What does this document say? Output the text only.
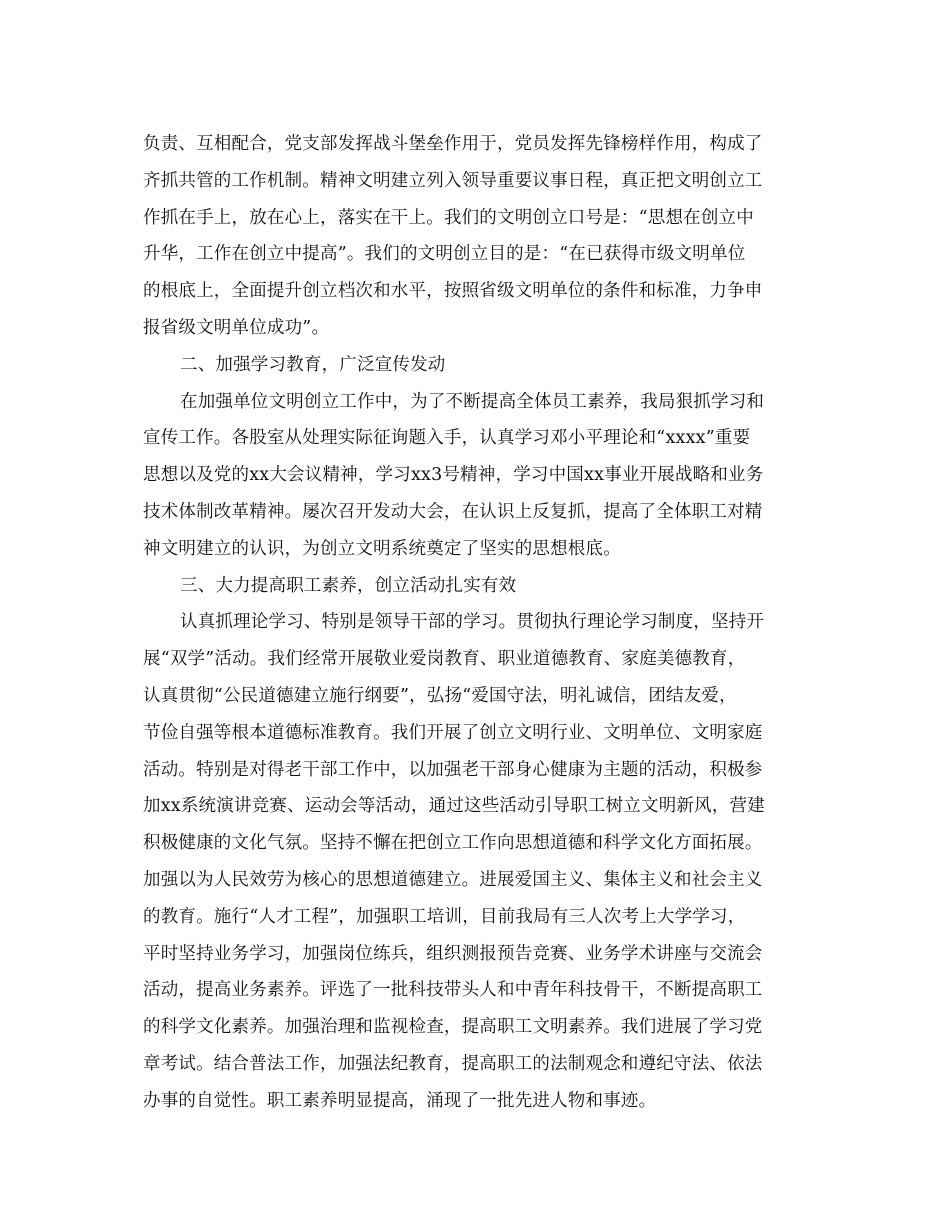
负责、互相配合，党支部发挥战斗堡垒作用于，党员发挥先锋榜样作用，构成了
齐抓共管的工作机制。精神文明建立列入领导重要议事日程，真正把文明创立工
作抓在手上，放在心上，落实在干上。我们的文明创立口号是：“思想在创立中
升华，工作在创立中提高”。我们的文明创立目的是：“在已获得市级文明单位
的根底上，全面提升创立档次和水平，按照省级文明单位的条件和标准，力争申
报省级文明单位成功”。
二、加强学习教育，广泛宣传发动
在加强单位文明创立工作中，为了不断提高全体员工素养，我局狠抓学习和
宣传工作。各股室从处理实际征询题入手，认真学习邓小平理论和“xxxx”重要
思想以及党的xx大会议精神，学习xx3号精神，学习中国xx事业开展战略和业务
技术体制改革精神。屡次召开发动大会，在认识上反复抓，提高了全体职工对精
神文明建立的认识，为创立文明系统奠定了坚实的思想根底。
三、大力提高职工素养，创立活动扎实有效
认真抓理论学习、特别是领导干部的学习。贯彻执行理论学习制度，坚持开
展“双学”活动。我们经常开展敬业爱岗教育、职业道德教育、家庭美德教育，
认真贯彻“公民道德建立施行纲要”，弘扬“爱国守法，明礼诚信，团结友爱，
节俭自强等根本道德标准教育。我们开展了创立文明行业、文明单位、文明家庭
活动。特别是对得老干部工作中，以加强老干部身心健康为主题的活动，积极参
加xx系统演讲竞赛、运动会等活动，通过这些活动引导职工树立文明新风，营建
积极健康的文化气氛。坚持不懈在把创立工作向思想道德和科学文化方面拓展。
加强以为人民效劳为核心的思想道德建立。进展爱国主义、集体主义和社会主义
的教育。施行“人才工程”，加强职工培训，目前我局有三人次考上大学学习，
平时坚持业务学习，加强岗位练兵，组织测报预告竞赛、业务学术讲座与交流会
活动，提高业务素养。评选了一批科技带头人和中青年科技骨干，不断提高职工
的科学文化素养。加强治理和监视检查，提高职工文明素养。我们进展了学习党
章考试。结合普法工作，加强法纪教育，提高职工的法制观念和遵纪守法、依法
办事的自觉性。职工素养明显提高，涌现了一批先进人物和事迹。
